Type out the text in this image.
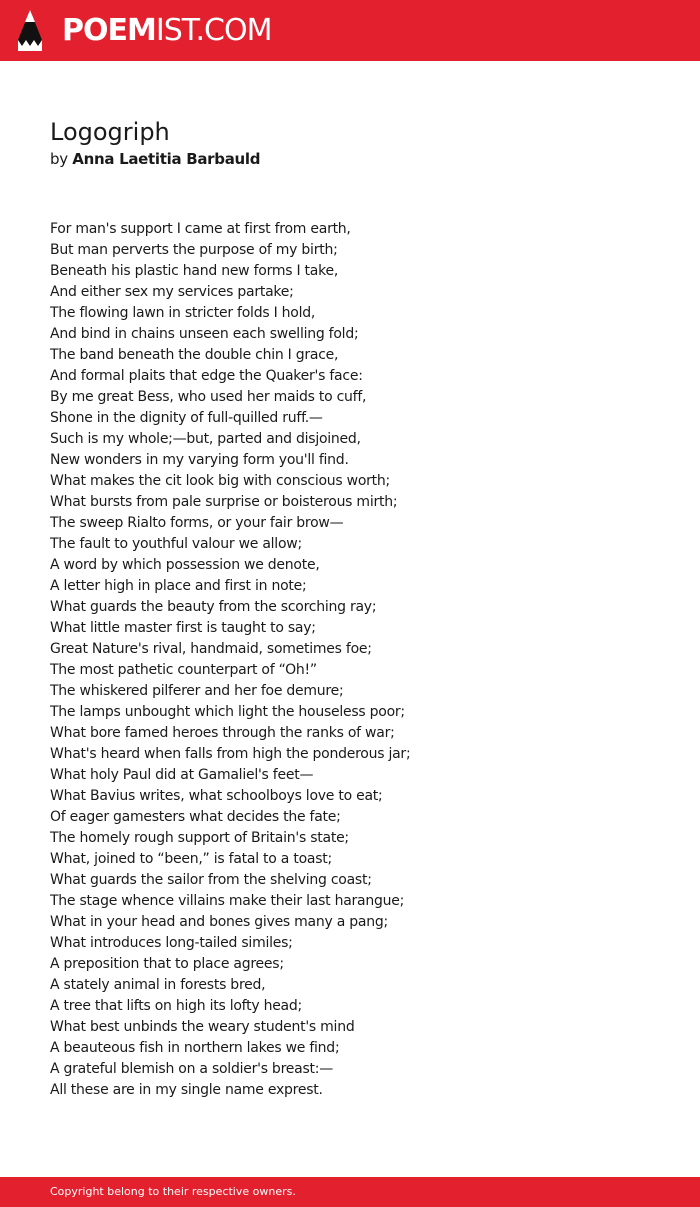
POEMIST.COM
Logogriph
by Anna Laetitia Barbauld
For man's support I came at first from earth,
But man perverts the purpose of my birth;
Beneath his plastic hand new forms I take,
And either sex my services partake;
The flowing lawn in stricter folds I hold,
And bind in chains unseen each swelling fold;
The band beneath the double chin I grace,
And formal plaits that edge the Quaker's face:
By me great Bess, who used her maids to cuff,
Shone in the dignity of full-quilled ruff.—
Such is my whole;—but, parted and disjoined,
New wonders in my varying form you'll find.
What makes the cit look big with conscious worth;
What bursts from pale surprise or boisterous mirth;
The sweep Rialto forms, or your fair brow—
The fault to youthful valour we allow;
A word by which possession we denote,
A letter high in place and first in note;
What guards the beauty from the scorching ray;
What little master first is taught to say;
Great Nature's rival, handmaid, sometimes foe;
The most pathetic counterpart of “Oh!”
The whiskered pilferer and her foe demure;
The lamps unbought which light the houseless poor;
What bore famed heroes through the ranks of war;
What's heard when falls from high the ponderous jar;
What holy Paul did at Gamaliel's feet—
What Bavius writes, what schoolboys love to eat;
Of eager gamesters what decides the fate;
The homely rough support of Britain's state;
What, joined to “been,” is fatal to a toast;
What guards the sailor from the shelving coast;
The stage whence villains make their last harangue;
What in your head and bones gives many a pang;
What introduces long-tailed similes;
A preposition that to place agrees;
A stately animal in forests bred,
A tree that lifts on high its lofty head;
What best unbinds the weary student's mind
A beauteous fish in northern lakes we find;
A grateful blemish on a soldier's breast:—
All these are in my single name exprest.
Copyright belong to their respective owners.
